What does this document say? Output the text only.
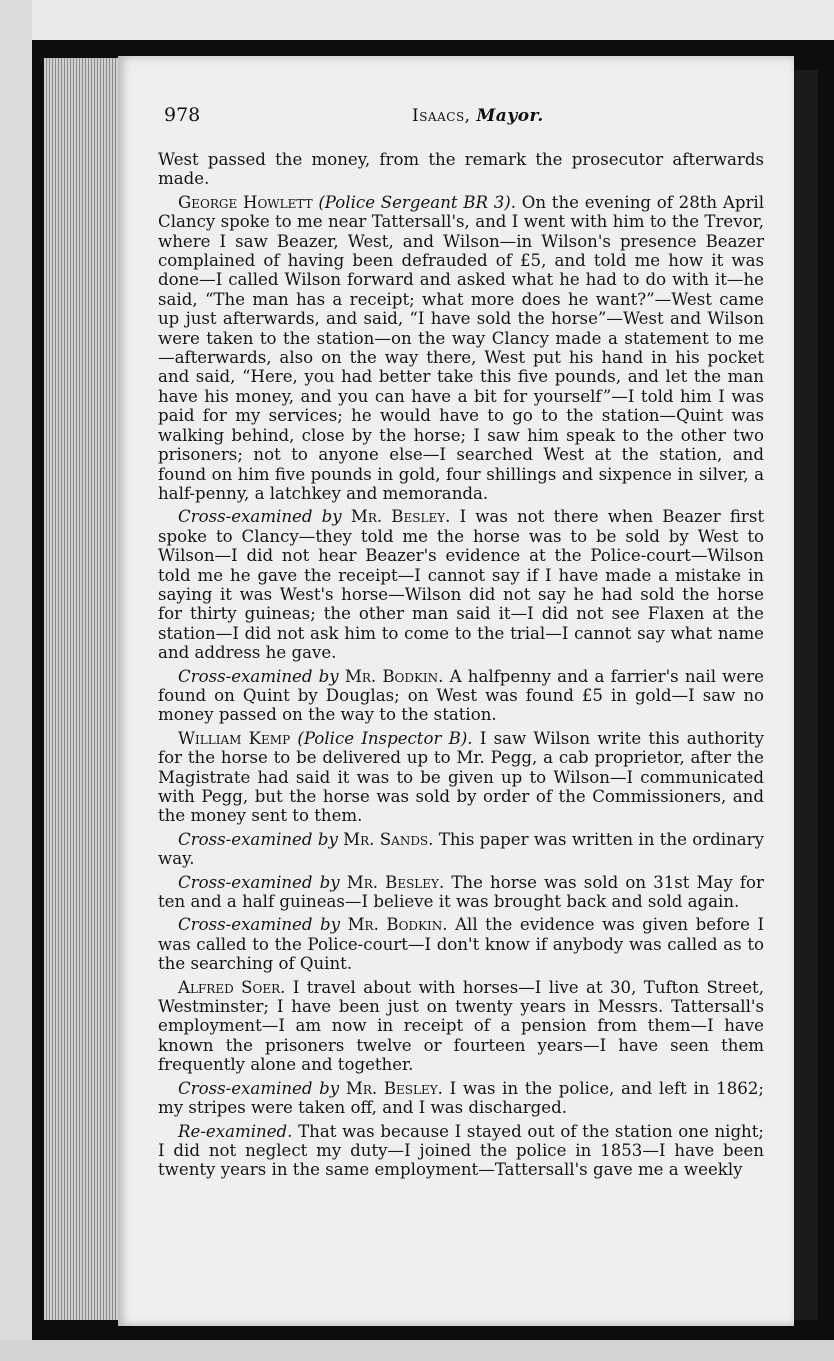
978	Isaacs, Mayor.

West passed the money, from the remark the prosecutor afterwards made.

George Howlett (Police Sergeant BR 3). On the evening of 28th April Clancy spoke to me near Tattersall's, and I went with him to the Trevor, where I saw Beazer, West, and Wilson—in Wilson's presence Beazer complained of having been defrauded of £5, and told me how it was done—I called Wilson forward and asked what he had to do with it—he said, “The man has a receipt; what more does he want?”—West came up just afterwards, and said, “I have sold the horse”—West and Wilson were taken to the station—on the way Clancy made a statement to me—afterwards, also on the way there, West put his hand in his pocket and said, “Here, you had better take this five pounds, and let the man have his money, and you can have a bit for yourself”—I told him I was paid for my services; he would have to go to the station—Quint was walking behind, close by the horse; I saw him speak to the other two prisoners; not to anyone else—I searched West at the station, and found on him five pounds in gold, four shillings and sixpence in silver, a half-penny, a latchkey and memoranda.

Cross-examined by Mr. Besley. I was not there when Beazer first spoke to Clancy—they told me the horse was to be sold by West to Wilson—I did not hear Beazer's evidence at the Police-court—Wilson told me he gave the receipt—I cannot say if I have made a mistake in saying it was West's horse—Wilson did not say he had sold the horse for thirty guineas; the other man said it—I did not see Flaxen at the station—I did not ask him to come to the trial—I cannot say what name and address he gave.

Cross-examined by Mr. Bodkin. A halfpenny and a farrier's nail were found on Quint by Douglas; on West was found £5 in gold—I saw no money passed on the way to the station.

William Kemp (Police Inspector B). I saw Wilson write this authority for the horse to be delivered up to Mr. Pegg, a cab proprietor, after the Magistrate had said it was to be given up to Wilson—I communicated with Pegg, but the horse was sold by order of the Commissioners, and the money sent to them.

Cross-examined by Mr. Sands. This paper was written in the ordinary way.

Cross-examined by Mr. Besley. The horse was sold on 31st May for ten and a half guineas—I believe it was brought back and sold again.

Cross-examined by Mr. Bodkin. All the evidence was given before I was called to the Police-court—I don't know if anybody was called as to the searching of Quint.

Alfred Soer. I travel about with horses—I live at 30, Tufton Street, Westminster; I have been just on twenty years in Messrs. Tattersall's employment—I am now in receipt of a pension from them—I have known the prisoners twelve or fourteen years—I have seen them frequently alone and together.

Cross-examined by Mr. Besley. I was in the police, and left in 1862; my stripes were taken off, and I was discharged.

Re-examined. That was because I stayed out of the station one night; I did not neglect my duty—I joined the police in 1853—I have been twenty years in the same employment—Tattersall's gave me a weekly
